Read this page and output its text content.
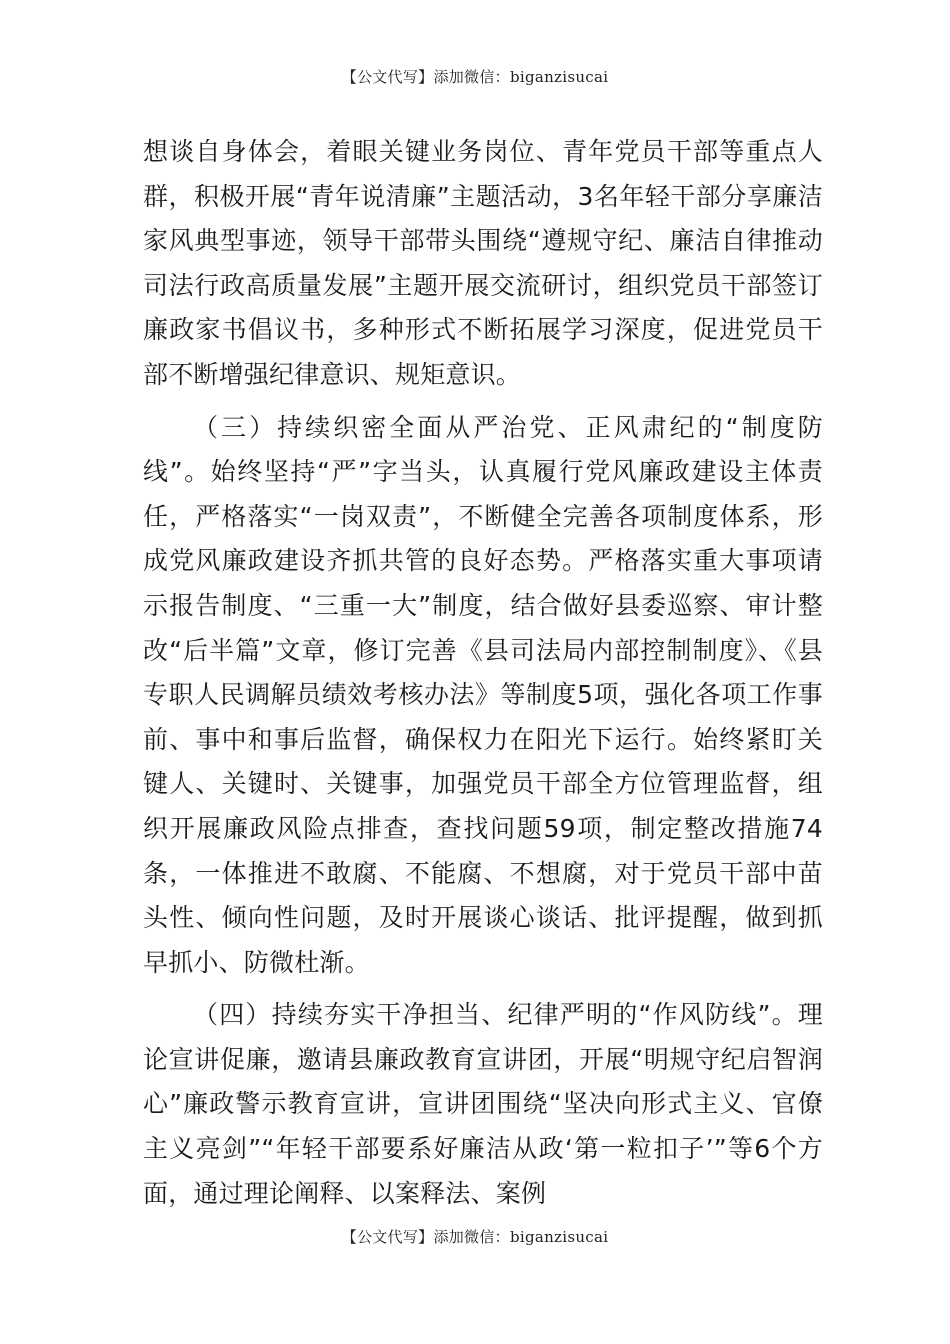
【公文代写】添加微信：biganzisucai

想谈自身体会，着眼关键业务岗位、青年党员干部等重点人群，积极开展“青年说清廉”主题活动，3名年轻干部分享廉洁家风典型事迹，领导干部带头围绕“遵规守纪、廉洁自律推动司法行政高质量发展”主题开展交流研讨，组织党员干部签订廉政家书倡议书，多种形式不断拓展学习深度，促进党员干部不断增强纪律意识、规矩意识。

（三）持续织密全面从严治党、正风肃纪的“制度防线”。始终坚持“严”字当头，认真履行党风廉政建设主体责任，严格落实“一岗双责”，不断健全完善各项制度体系，形成党风廉政建设齐抓共管的良好态势。严格落实重大事项请示报告制度、“三重一大”制度，结合做好县委巡察、审计整改“后半篇”文章，修订完善《县司法局内部控制制度》、《县专职人民调解员绩效考核办法》等制度5项，强化各项工作事前、事中和事后监督，确保权力在阳光下运行。始终紧盯关键人、关键时、关键事，加强党员干部全方位管理监督，组织开展廉政风险点排查，查找问题59项，制定整改措施74条，一体推进不敢腐、不能腐、不想腐，对于党员干部中苗头性、倾向性问题，及时开展谈心谈话、批评提醒，做到抓早抓小、防微杜渐。

（四）持续夯实干净担当、纪律严明的“作风防线”。理论宣讲促廉，邀请县廉政教育宣讲团，开展“明规守纪启智润心”廉政警示教育宣讲，宣讲团围绕“坚决向形式主义、官僚主义亮剑”“年轻干部要系好廉洁从政‘第一粒扣子’”等6个方面，通过理论阐释、以案释法、案例

【公文代写】添加微信：biganzisucai
